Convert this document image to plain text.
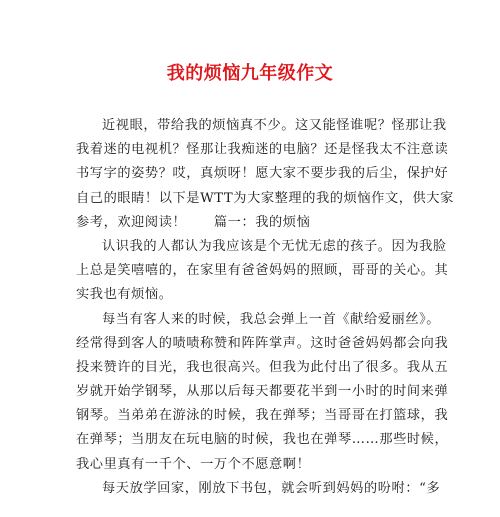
我的烦恼九年级作文
近视眼，带给我的烦恼真不少。这又能怪谁呢？怪那让我
我着迷的电视机？怪那让我痴迷的电脑？还是怪我太不注意读
书写字的姿势？哎，真烦呀！愿大家不要步我的后尘，保护好
自己的眼睛！以下是WTT为大家整理的我的烦恼作文，供大家
参考，欢迎阅读！　　篇一：我的烦恼
认识我的人都认为我应该是个无忧无虑的孩子。因为我脸
上总是笑嘻嘻的，在家里有爸爸妈妈的照顾，哥哥的关心。其
实我也有烦恼。
每当有客人来的时候，我总会弹上一首《献给爱丽丝》。
经常得到客人的啧啧称赞和阵阵掌声。这时爸爸妈妈都会向我
投来赞许的目光，我也很高兴。但我为此付出了很多。我从五
岁就开始学钢琴，从那以后每天都要花半到一小时的时间来弹
钢琴。当弟弟在游泳的时候，我在弹琴；当哥哥在打篮球，我
在弹琴；当朋友在玩电脑的时候，我也在弹琴……那些时候，
我心里真有一千个、一万个不愿意啊！
每天放学回家，刚放下书包，就会听到妈妈的吩咐：“多
